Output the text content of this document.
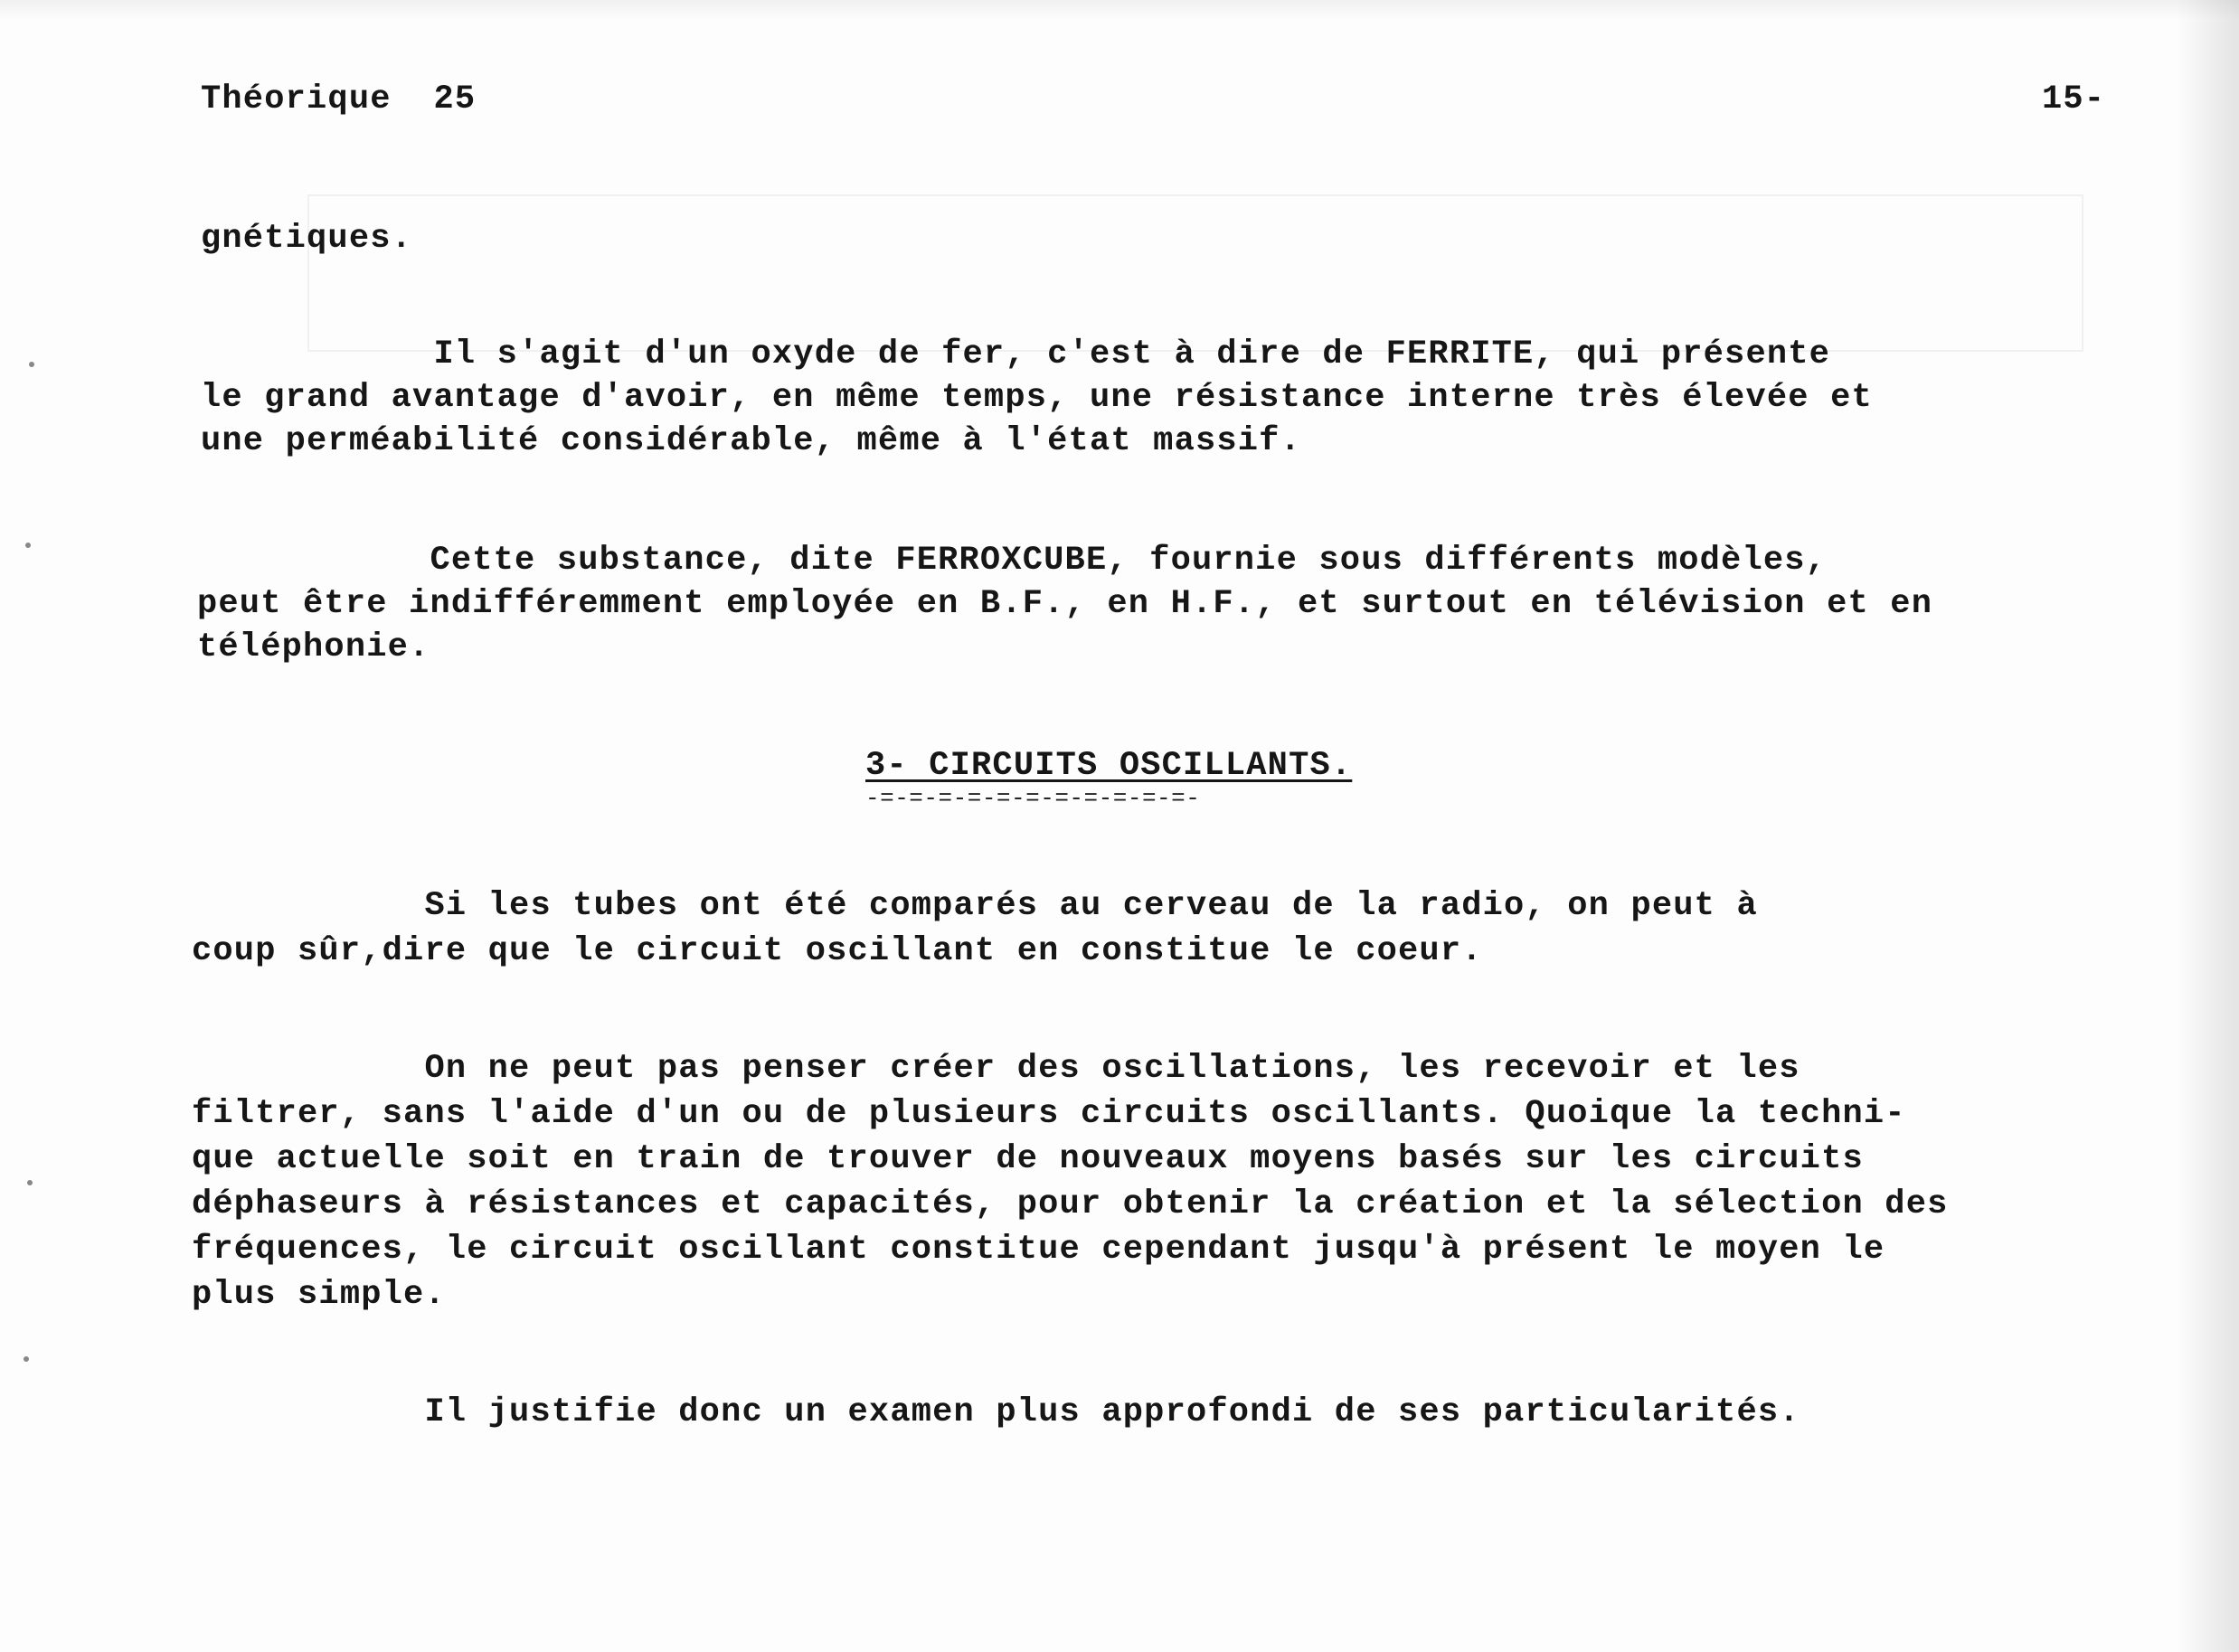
Théorique  25	15-
gnétiques.
Il s'agit d'un oxyde de fer, c'est à dire de FERRITE, qui présente
le grand avantage d'avoir, en même temps, une résistance interne très élevée et
une perméabilité considérable, même à l'état massif.
Cette substance, dite FERROXCUBE, fournie sous différents modèles,
peut être indifféremment employée en B.F., en H.F., et surtout en télévision et en
téléphonie.
3- CIRCUITS OSCILLANTS.
-=-=-=-=-=-=-=-=-=-=-=-
Si les tubes ont été comparés au cerveau de la radio, on peut à
coup sûr,dire que le circuit oscillant en constitue le coeur.
On ne peut pas penser créer des oscillations, les recevoir et les
filtrer, sans l'aide d'un ou de plusieurs circuits oscillants. Quoique la techni-
que actuelle soit en train de trouver de nouveaux moyens basés sur les circuits
déphaseurs à résistances et capacités, pour obtenir la création et la sélection des
fréquences, le circuit oscillant constitue cependant jusqu'à présent le moyen le
plus simple.
Il justifie donc un examen plus approfondi de ses particularités.
